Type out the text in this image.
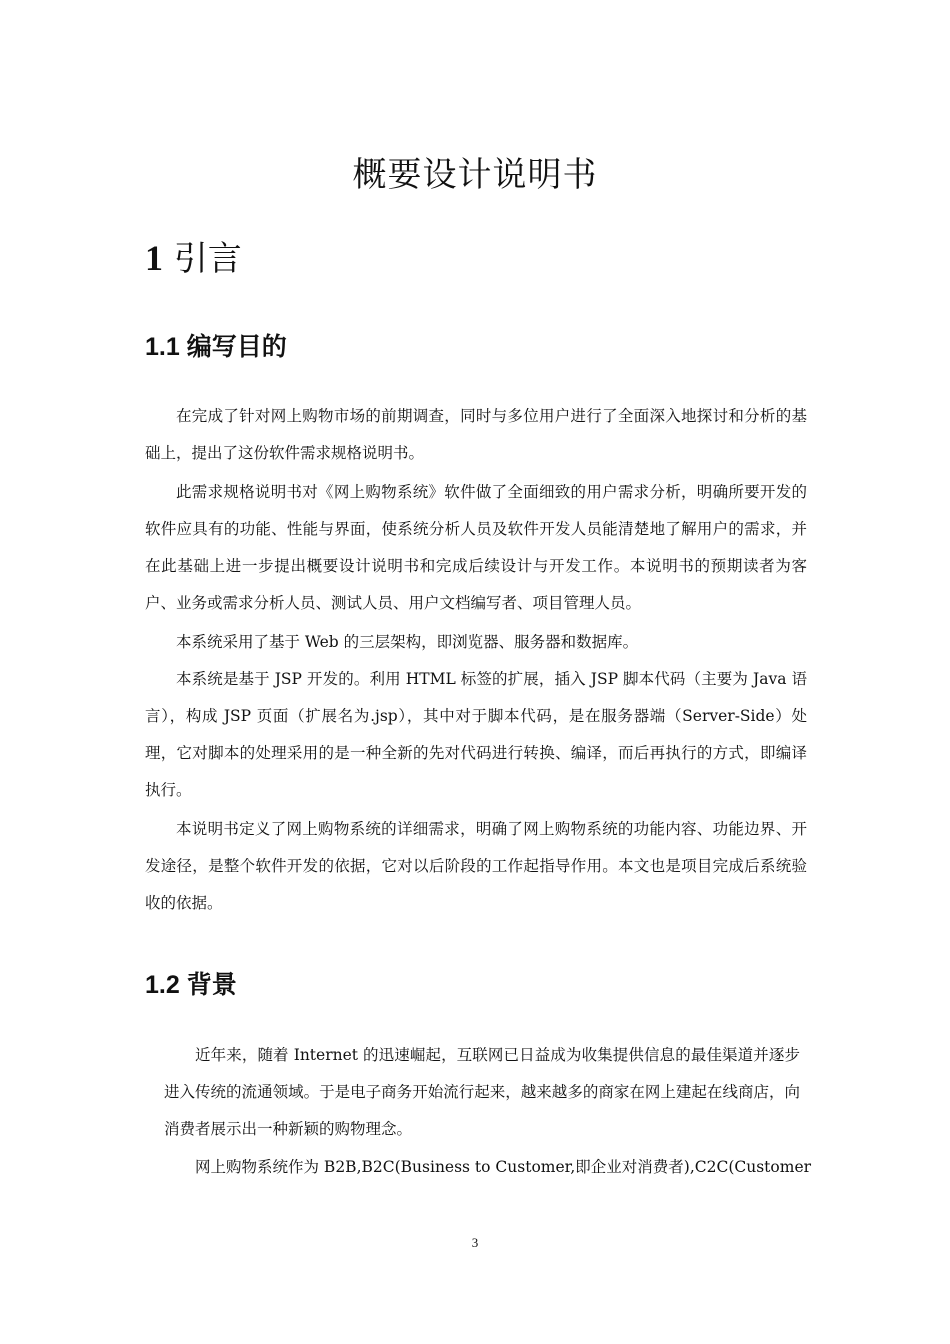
概要设计说明书
1 引言
1.1 编写目的

在完成了针对网上购物市场的前期调查，同时与多位用户进行了全面深入地探讨和分析的基础上，提出了这份软件需求规格说明书。

此需求规格说明书对《网上购物系统》软件做了全面细致的用户需求分析，明确所要开发的软件应具有的功能、性能与界面，使系统分析人员及软件开发人员能清楚地了解用户的需求，并在此基础上进一步提出概要设计说明书和完成后续设计与开发工作。本说明书的预期读者为客户、业务或需求分析人员、测试人员、用户文档编写者、项目管理人员。

本系统采用了基于 Web 的三层架构，即浏览器、服务器和数据库。

本系统是基于 JSP 开发的。利用 HTML 标签的扩展，插入 JSP 脚本代码（主要为 Java 语言），构成 JSP 页面（扩展名为.jsp），其中对于脚本代码，是在服务器端（Server-Side）处理，它对脚本的处理采用的是一种全新的先对代码进行转换、编译，而后再执行的方式，即编译执行。

本说明书定义了网上购物系统的详细需求，明确了网上购物系统的功能内容、功能边界、开发途径，是整个软件开发的依据，它对以后阶段的工作起指导作用。本文也是项目完成后系统验收的依据。

1.2 背景

近年来，随着 Internet 的迅速崛起，互联网已日益成为收集提供信息的最佳渠道并逐步进入传统的流通领域。于是电子商务开始流行起来，越来越多的商家在网上建起在线商店，向消费者展示出一种新颖的购物理念。

网上购物系统作为 B2B,B2C(Business to Customer,即企业对消费者),C2C(Customer

3
